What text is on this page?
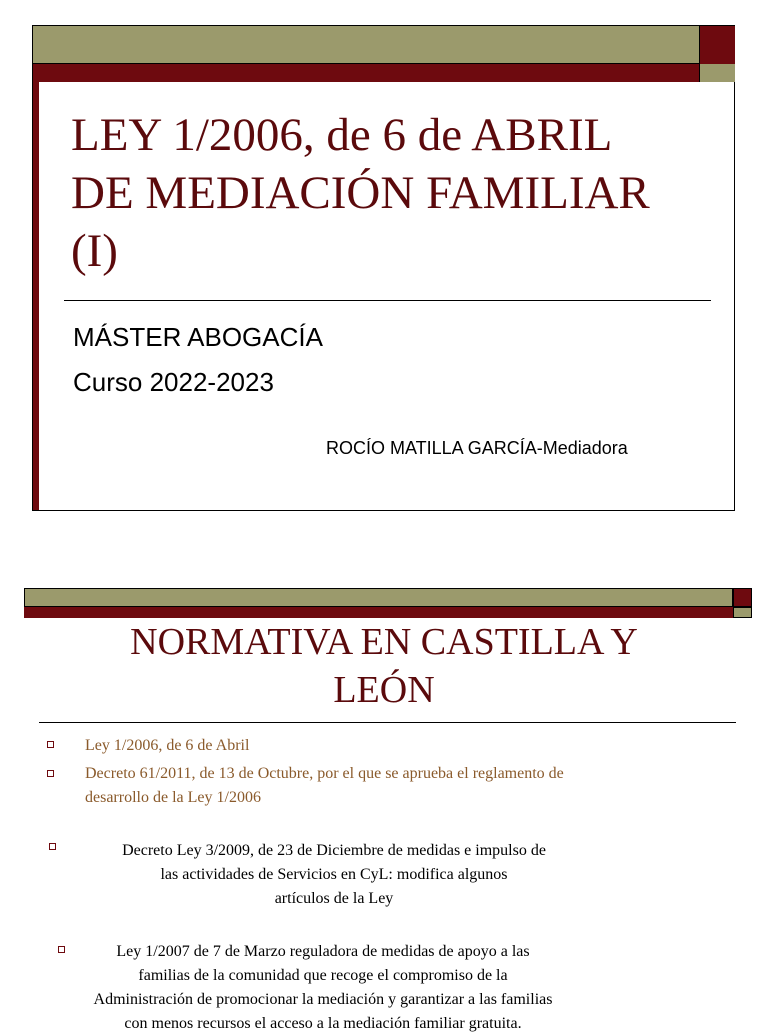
LEY 1/2006, de 6 de ABRIL
DE MEDIACIÓN FAMILIAR
(I)
MÁSTER ABOGACÍA
Curso 2022-2023
ROCÍO MATILLA GARCÍA-Mediadora
NORMATIVA EN CASTILLA Y
LEÓN
Ley 1/2006, de 6 de Abril
Decreto 61/2011, de 13 de Octubre, por el que se aprueba el reglamento de
desarrollo de la Ley 1/2006
Decreto Ley 3/2009, de 23 de Diciembre de medidas e impulso de
las actividades de Servicios en CyL: modifica algunos
artículos de la Ley
Ley 1/2007 de 7 de Marzo reguladora de medidas de apoyo a las
familias de la comunidad que recoge el compromiso de la
Administración de promocionar la mediación y garantizar a las familias
con menos recursos el acceso a la mediación familiar gratuita.
